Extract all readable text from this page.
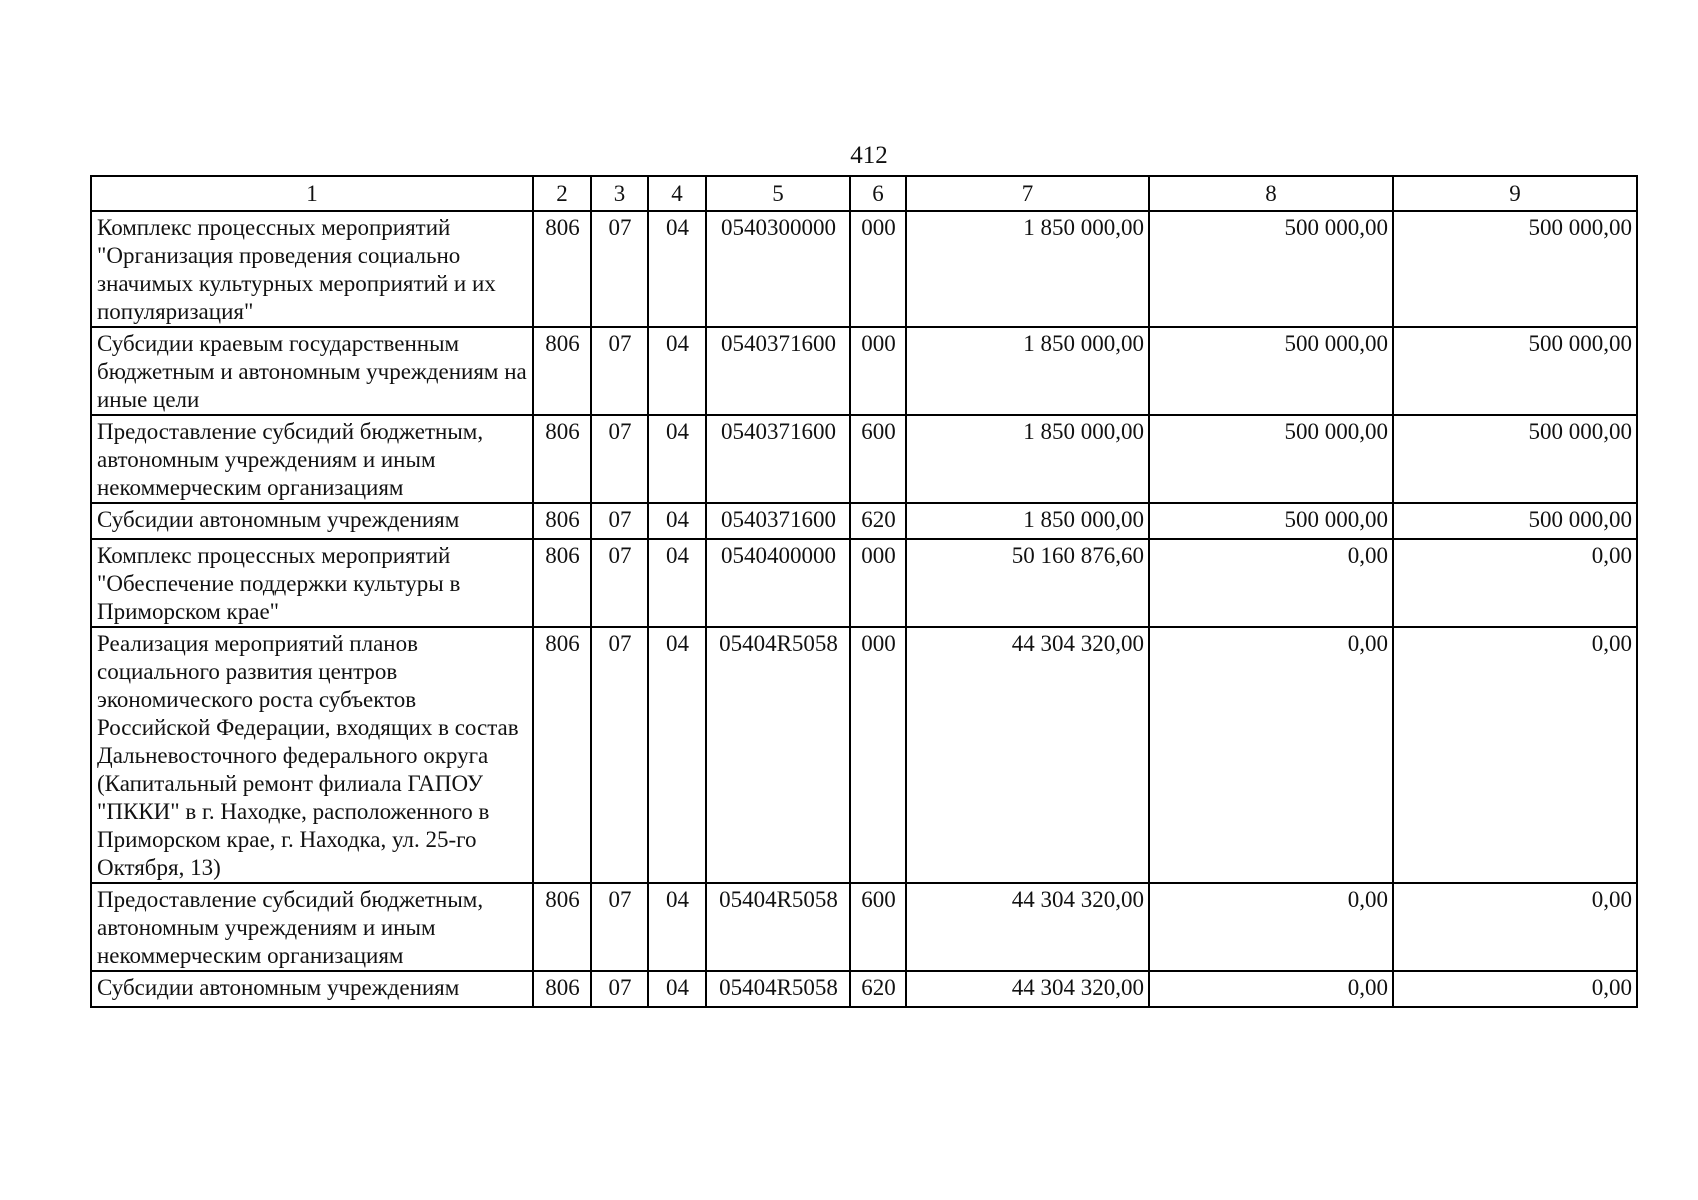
412
1	2	3	4	5	6	7	8	9
Комплекс процессных мероприятий "Организация проведения социально значимых культурных мероприятий и их популяризация"	806	07	04	0540300000	000	1 850 000,00	500 000,00	500 000,00
Субсидии краевым государственным бюджетным и автономным учреждениям на иные цели	806	07	04	0540371600	000	1 850 000,00	500 000,00	500 000,00
Предоставление субсидий бюджетным, автономным учреждениям и иным некоммерческим организациям	806	07	04	0540371600	600	1 850 000,00	500 000,00	500 000,00
Субсидии автономным учреждениям	806	07	04	0540371600	620	1 850 000,00	500 000,00	500 000,00
Комплекс процессных мероприятий "Обеспечение поддержки культуры в Приморском крае"	806	07	04	0540400000	000	50 160 876,60	0,00	0,00
Реализация мероприятий планов социального развития центров экономического роста субъектов Российской Федерации, входящих в состав Дальневосточного федерального округа (Капитальный ремонт филиала ГАПОУ "ПККИ" в г. Находке, расположенного в Приморском крае, г. Находка, ул. 25-го Октября, 13)	806	07	04	05404R5058	000	44 304 320,00	0,00	0,00
Предоставление субсидий бюджетным, автономным учреждениям и иным некоммерческим организациям	806	07	04	05404R5058	600	44 304 320,00	0,00	0,00
Субсидии автономным учреждениям	806	07	04	05404R5058	620	44 304 320,00	0,00	0,00
